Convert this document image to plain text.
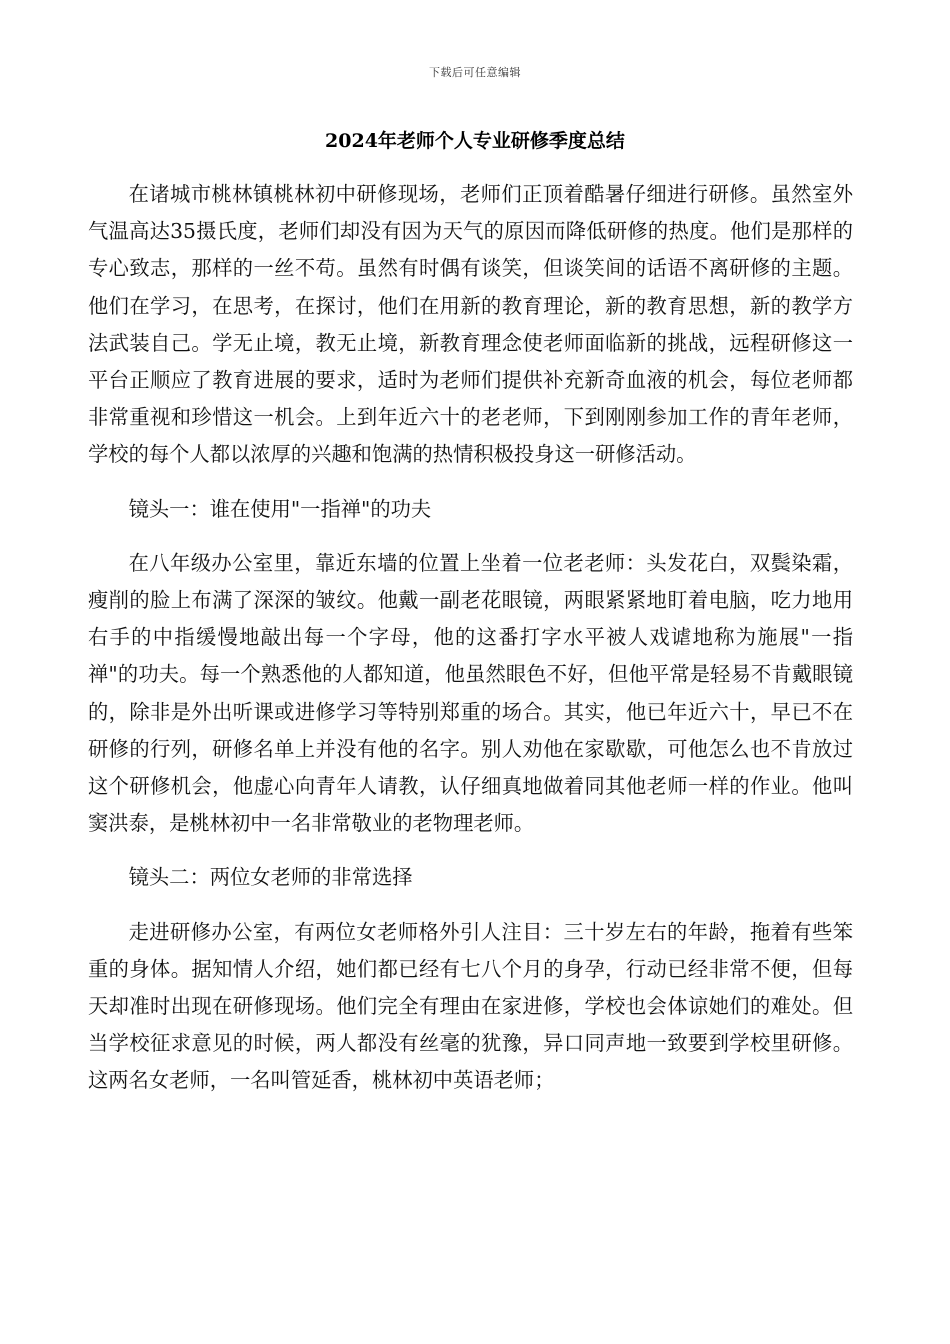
下载后可任意编辑
2024年老师个人专业研修季度总结

在诸城市桃林镇桃林初中研修现场，老师们正顶着酷暑仔细进行研修。虽然室外气温高达35摄氏度，老师们却没有因为天气的原因而降低研修的热度。他们是那样的专心致志，那样的一丝不苟。虽然有时偶有谈笑，但谈笑间的话语不离研修的主题。他们在学习，在思考，在探讨，他们在用新的教育理论，新的教育思想，新的教学方法武装自己。学无止境，教无止境，新教育理念使老师面临新的挑战，远程研修这一平台正顺应了教育进展的要求，适时为老师们提供补充新奇血液的机会，每位老师都非常重视和珍惜这一机会。上到年近六十的老老师，下到刚刚参加工作的青年老师，学校的每个人都以浓厚的兴趣和饱满的热情积极投身这一研修活动。

镜头一：谁在使用"一指禅"的功夫

在八年级办公室里，靠近东墙的位置上坐着一位老老师：头发花白，双鬓染霜，瘦削的脸上布满了深深的皱纹。他戴一副老花眼镜，两眼紧紧地盯着电脑，吃力地用右手的中指缓慢地敲出每一个字母，他的这番打字水平被人戏谑地称为施展"一指禅"的功夫。每一个熟悉他的人都知道，他虽然眼色不好，但他平常是轻易不肯戴眼镜的，除非是外出听课或进修学习等特别郑重的场合。其实，他已年近六十，早已不在研修的行列，研修名单上并没有他的名字。别人劝他在家歇歇，可他怎么也不肯放过这个研修机会，他虚心向青年人请教，认仔细真地做着同其他老师一样的作业。他叫窦洪泰，是桃林初中一名非常敬业的老物理老师。

镜头二：两位女老师的非常选择

走进研修办公室，有两位女老师格外引人注目：三十岁左右的年龄，拖着有些笨重的身体。据知情人介绍，她们都已经有七八个月的身孕，行动已经非常不便，但每天却准时出现在研修现场。他们完全有理由在家进修，学校也会体谅她们的难处。但当学校征求意见的时候，两人都没有丝毫的犹豫，异口同声地一致要到学校里研修。这两名女老师，一名叫管延香，桃林初中英语老师；
